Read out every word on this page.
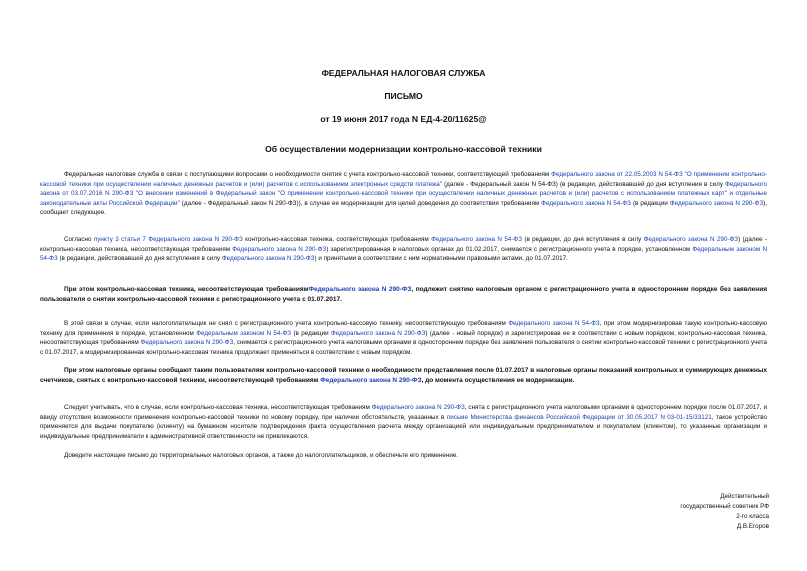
ФЕДЕРАЛЬНАЯ НАЛОГОВАЯ СЛУЖБА

ПИСЬМО

от 19 июня 2017 года N ЕД-4-20/11625@

Об осуществлении модернизации контрольно-кассовой техники

Федеральная налоговая служба в связи с поступающими вопросами о необходимости снятия с учета контрольно-кассовой техники, соответствующей требованиям Федерального закона от 22.05.2003 N 54-ФЗ "О применении контрольно-кассовой техники при осуществлении наличных денежных расчетов и (или) расчетов с использованием электронных средств платежа" (далее - Федеральный закон N 54-ФЗ) (в редакции, действовавшей до дня вступления в силу Федерального закона от 03.07.2016 N 290-ФЗ "О внесении изменений в Федеральный закон "О применении контрольно-кассовой техники при осуществлении наличных денежных расчетов и (или) расчетов с использованием платежных карт" и отдельные законодательные акты Российской Федерации" (далее - Федеральный закон N 290-ФЗ)), в случае ее модернизации для целей доведения до соответствия требованиям Федерального закона N 54-ФЗ (в редакции Федерального закона N 290-ФЗ), сообщает следующее.

Согласно пункту 3 статьи 7 Федерального закона N 290-ФЗ контрольно-кассовая техника, соответствующая требованиям Федерального закона N 54-ФЗ (в редакции, до дня вступления в силу Федерального закона N 290-ФЗ) (далее - контрольно-кассовая техника, несоответствующая требованиям Федерального закона N 290-ФЗ) зарегистрированная в налоговых органах до 01.02.2017, снимается с регистрационного учета в порядке, установленном Федеральным законом N 54-ФЗ (в редакции, действовавшей до дня вступления в силу Федерального закона N 290-ФЗ) и принятыми в соответствии с ним нормативными правовыми актами, до 01.07.2017.

При этом контрольно-кассовая техника, несоответствующая требованиямФедерального закона N 290-ФЗ, подлежит снятию налоговым органом с регистрационного учета в одностороннем порядке без заявления пользователя о снятии контрольно-кассовой техники с регистрационного учета с 01.07.2017.

В этой связи в случае, если налогоплательщик не снял с регистрационного учета контрольно-кассовую технику, несоответствующую требованиям Федерального закона N 54-ФЗ, при этом модернизировав такую контрольно-кассовую технику для применения в порядке, установленном Федеральным законом N 54-ФЗ (в редакции Федерального закона N 290-ФЗ) (далее - новый порядок) и зарегистрировав ее в соответствии с новым порядком, контрольно-кассовая техника, несоответствующая требованиям Федерального закона N 290-ФЗ, снимается с регистрационного учета налоговыми органами в одностороннем порядке без заявления пользователя о снятии контрольно-кассовой техники с регистрационного учета с 01.07.2017, а модернизированная контрольно-кассовая техника продолжает применяться в соответствии с новым порядком.

При этом налоговые органы сообщают таким пользователям контрольно-кассовой техники о необходимости представления после 01.07.2017 в налоговые органы показаний контрольных и суммирующих денежных счетчиков, снятых с контрольно-кассовой техники, несоответствующей требованиям Федерального закона N 290-ФЗ, до момента осуществления ее модернизации.

Следует учитывать, что в случае, если контрольно-кассовая техника, несоответствующая требованиям Федерального закона N 290-ФЗ, снята с регистрационного учета налоговыми органами в одностороннем порядке после 01.07.2017, и ввиду отсутствия возможности применения контрольно-кассовой техники по новому порядку, при наличии обстоятельств, указанных в письме Министерства финансов Российской Федерации от 30.05.2017 N 03-01-15/33121, такое устройство применяется для выдачи покупателю (клиенту) на бумажном носителе подтверждения факта осуществления расчета между организацией или индивидуальным предпринимателем и покупателем (клиентом), то указанные организации и индивидуальные предприниматели к административной ответственности не привлекаются.

Доведите настоящее письмо до территориальных налоговых органов, а также до налогоплательщиков, и обеспечьте его применение.

Действительный
государственный советник РФ
2-го класса
Д.В.Егоров
